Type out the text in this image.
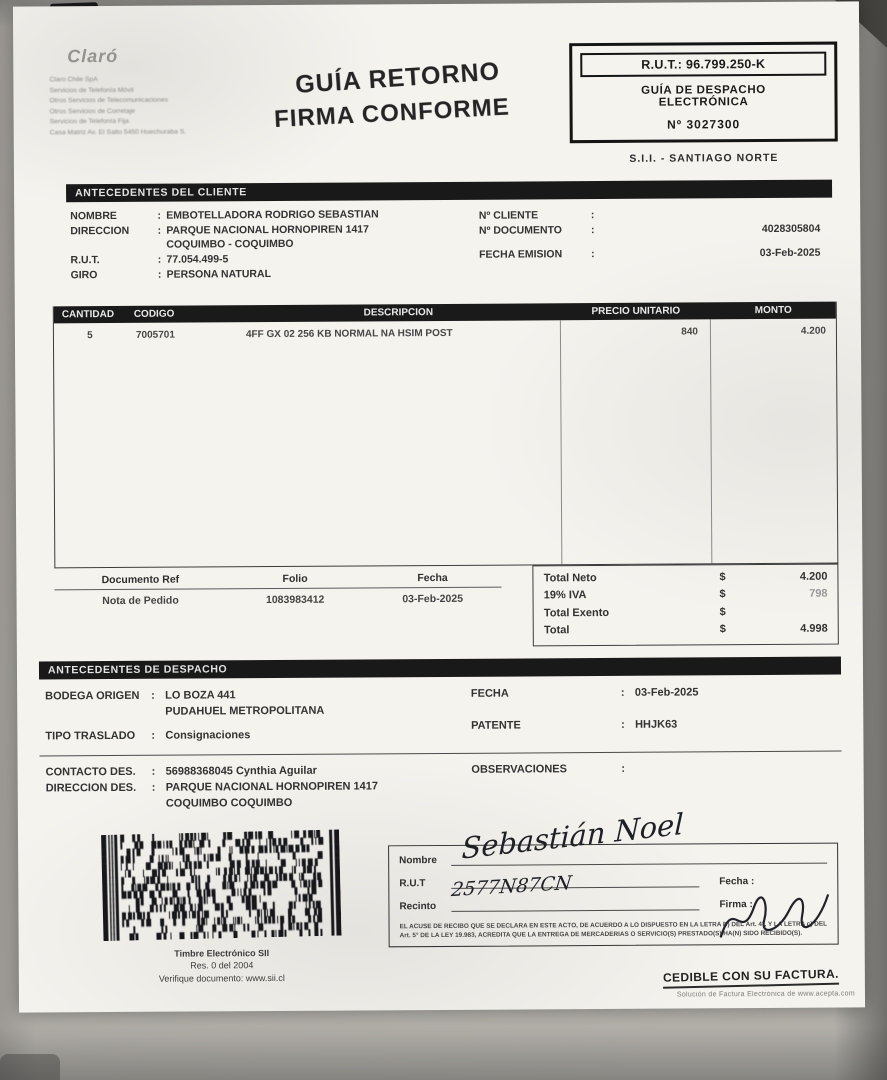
Claró
Claro Chile SpA
Servicios de Telefonía Móvil
Otros Servicios de Telecomunicaciones
Otros Servicios de Corretaje
Servicios de Telefonía Fija
Casa Matriz Av. El Salto 5450 Huechuraba S.
GUÍA RETORNO
FIRMA CONFORME
R.U.T.: 96.799.250-K
GUÍA DE DESPACHO
ELECTRÓNICA
Nº 3027300
S.I.I. - SANTIAGO NORTE
ANTECEDENTES DEL CLIENTE
NOMBRE	: EMBOTELLADORA RODRIGO SEBASTIAN
DIRECCION	: PARQUE NACIONAL HORNOPIREN 1417
COQUIMBO - COQUIMBO
R.U.T.	: 77.054.499-5
GIRO	: PERSONA NATURAL
Nº CLIENTE	:
Nº DOCUMENTO	:	4028305804
FECHA EMISION	:	03-Feb-2025
CANTIDAD	CODIGO	DESCRIPCION	PRECIO UNITARIO	MONTO
5	7005701	4FF GX 02 256 KB NORMAL NA HSIM POST	840	4.200
Documento Ref	Folio	Fecha
Nota de Pedido	1083983412	03-Feb-2025
Total Neto	$	4.200
19% IVA	$	798
Total Exento	$
Total	$	4.998
ANTECEDENTES DE DESPACHO
BODEGA ORIGEN	: LO BOZA 441
PUDAHUEL METROPOLITANA
TIPO TRASLADO	: Consignaciones
FECHA	: 03-Feb-2025
PATENTE	: HHJK63
CONTACTO DES.	: 56988368045 Cynthia Aguilar
DIRECCION DES.	: PARQUE NACIONAL HORNOPIREN 1417
COQUIMBO COQUIMBO
OBSERVACIONES	:
Timbre Electrónico SII
Res. 0 del 2004
Verifique documento: www.sii.cl
Sebastián Noel
2577N87CN
Nombre
R.U.T	Fecha :
Recinto	Firma :

EL ACUSE DE RECIBO QUE SE DECLARA EN ESTE ACTO, DE ACUERDO A LO DISPUESTO EN LA LETRA B) DEL Art. 4°, Y LA LETRA c) DEL Art. 5° DE LA LEY 19.983, ACREDITA QUE LA ENTREGA DE MERCADERIAS O SERVICIO(S) PRESTADO(S) HA(N) SIDO RECIBIDO(S).

CEDIBLE CON SU FACTURA.
Solución de Factura Electrónica de www.acepta.com
